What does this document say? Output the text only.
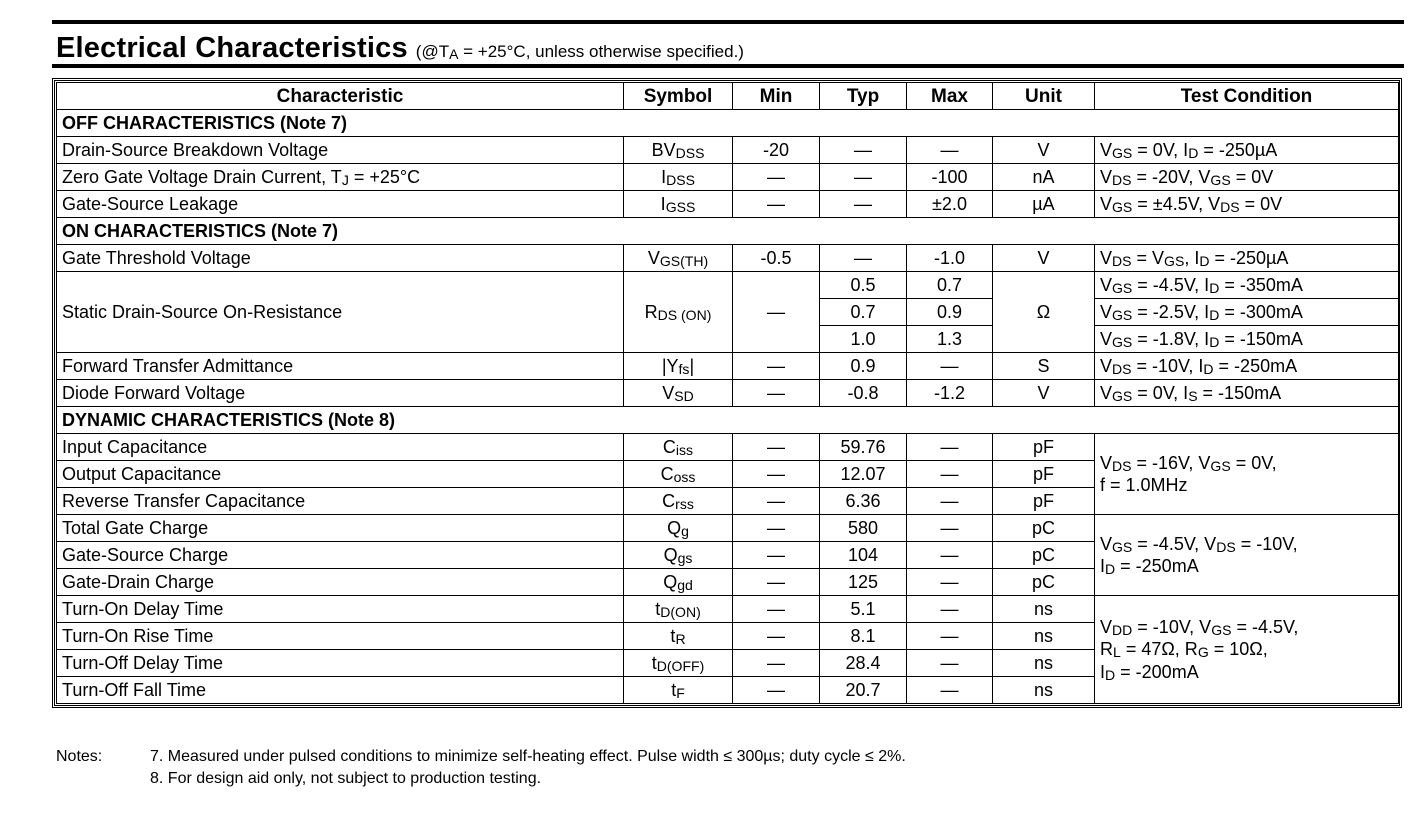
Electrical Characteristics (@TA = +25°C, unless otherwise specified.)
Characteristic	Symbol	Min	Typ	Max	Unit	Test Condition
OFF CHARACTERISTICS (Note 7)						
Drain-Source Breakdown Voltage	$BV_{DSS}$	-20	—	—	V	$V_{GS} = 0V$, $I_D = -250\mu A$
Zero Gate Voltage Drain Current, $T_J = +25^\circ C$	$I_{DSS}$	—	—	-100	nA	$V_{DS} = -20V$, $V_{GS} = 0V$
Gate-Source Leakage	$I_{GSS}$	—	—	±2.0	µA	$V_{GS} = \pm 4.5V$, $V_{DS} = 0V$
ON CHARACTERISTICS (Note 7)						
Gate Threshold Voltage	$V_{GS(TH)}$	-0.5	—	-1.0	V	$V_{DS} = V_{GS}$, $I_D = -250\mu A$
Static Drain-Source On-Resistance	$R_{DS (ON)}$	—	0.5	0.7	Ω	$V_{GS} = -4.5V$, $I_D = -350mA$
			0.7	0.9		$V_{GS} = -2.5V$, $I_D = -300mA$
			1.0	1.3		$V_{GS} = -1.8V$, $I_D = -150mA$
Forward Transfer Admittance	$|Y_{fs}|$	—	0.9	—	S	$V_{DS} = -10V$, $I_D = -250mA$
Diode Forward Voltage	$V_{SD}$	—	-0.8	-1.2	V	$V_{GS} = 0V$, $I_S = -150mA$
DYNAMIC CHARACTERISTICS (Note 8)						
Input Capacitance	$C_{iss}$	—	59.76	—	pF	$V_{DS} = -16V$, $V_{GS} = 0V$,
f = 1.0MHz

Output Capacitance	$C_{oss}$	—	12.07	—	pF	
Reverse Transfer Capacitance	$C_{rss}$	—	6.36	—	pF	
Total Gate Charge	$Q_g$	—	580	—	pC	$V_{GS} = -4.5V$, $V_{DS} = -10V$,
$I_D = -250mA$

Gate-Source Charge	$Q_{gs}$	—	104	—	pC	
Gate-Drain Charge	$Q_{gd}$	—	125	—	pC	
Turn-On Delay Time	$t_{D(ON)}$	—	5.1	—	ns	$V_{DD} = -10V$, $V_{GS} = -4.5V$,
$R_L = 47\Omega$, $R_G = 10\Omega$,
$I_D = -200mA$

Turn-On Rise Time	$t_R$	—	8.1	—	ns	
Turn-Off Delay Time	$t_{D(OFF)}$	—	28.4	—	ns	
Turn-Off Fall Time	$t_F$	—	20.7	—	ns	
Notes:	7. Measured under pulsed conditions to minimize self-heating effect. Pulse width ≤ 300µs; duty cycle ≤ 2%.
8. For design aid only, not subject to production testing.
